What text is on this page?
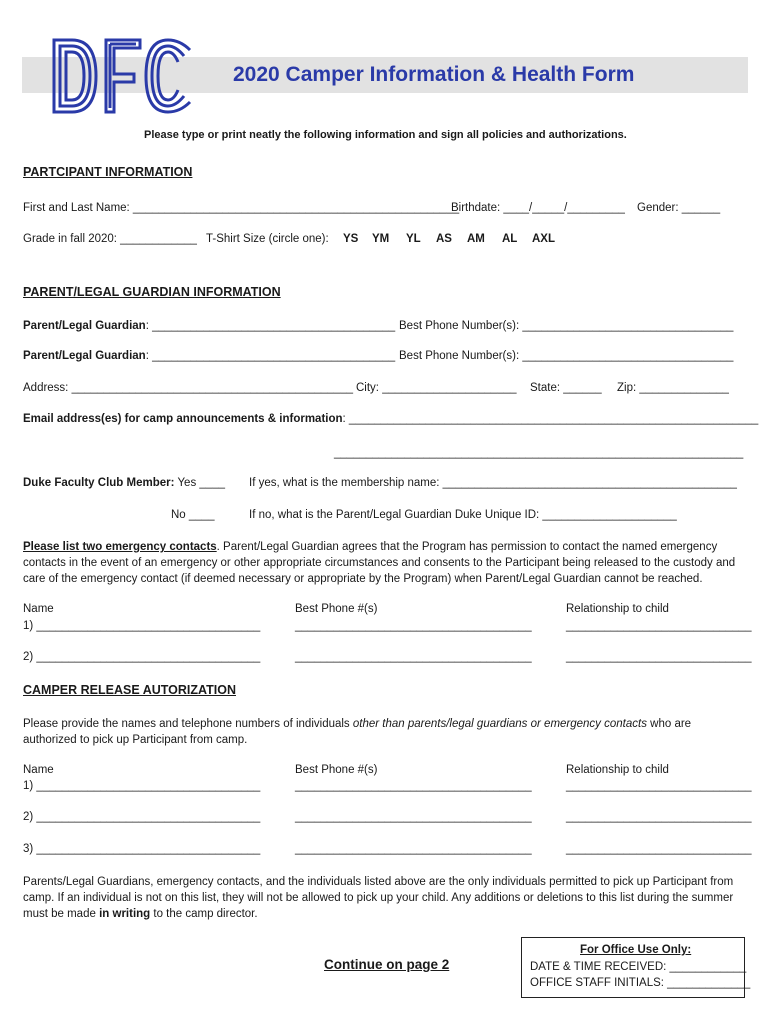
2020 Camper Information & Health Form
Please type or print neatly the following information and sign all policies and authorizations.
PARTCIPANT INFORMATION
First and Last Name: ___________________________________________________
Birthdate: ____/_____/_________ Gender: ______
Grade in fall 2020: ____________ T-Shirt Size (circle one): YS YM YL AS AM AL AXL
PARENT/LEGAL GUARDIAN INFORMATION
Parent/Legal Guardian: ______________________________________ Best Phone Number(s): _________________________________
Parent/Legal Guardian: ______________________________________ Best Phone Number(s): _________________________________
Address: ____________________________________________ City: _____________________ State: ______ Zip: ______________
Email address(es) for camp announcements & information: ________________________________________________________________
________________________________________________________________
Duke Faculty Club Member: Yes ____ If yes, what is the membership name: ______________________________________________
No ____	If no, what is the Parent/Legal Guardian Duke Unique ID: _____________________
Please list two emergency contacts. Parent/Legal Guardian agrees that the Program has permission to contact the named emergency contacts in the event of an emergency or other appropriate circumstances and consents to the Participant being released to the custody and care of the emergency contact (if deemed necessary or appropriate by the Program) when Parent/Legal Guardian cannot be reached.
Name	Best Phone #(s)	Relationship to child
1) ___________________________________	_____________________________________	_____________________________
2) ___________________________________	_____________________________________	_____________________________
CAMPER RELEASE AUTORIZATION
Please provide the names and telephone numbers of individuals other than parents/legal guardians or emergency contacts who are authorized to pick up Participant from camp.
Name	Best Phone #(s)	Relationship to child
1) ___________________________________	_____________________________________	_____________________________
2) ___________________________________	_____________________________________	_____________________________
3) ___________________________________	_____________________________________	_____________________________
Parents/Legal Guardians, emergency contacts, and the individuals listed above are the only individuals permitted to pick up Participant from camp. If an individual is not on this list, they will not be allowed to pick up your child. Any additions or deletions to this list during the summer must be made in writing to the camp director.
Continue on page 2
For Office Use Only:
DATE & TIME RECEIVED: ____________
OFFICE STAFF INITIALS: _____________
